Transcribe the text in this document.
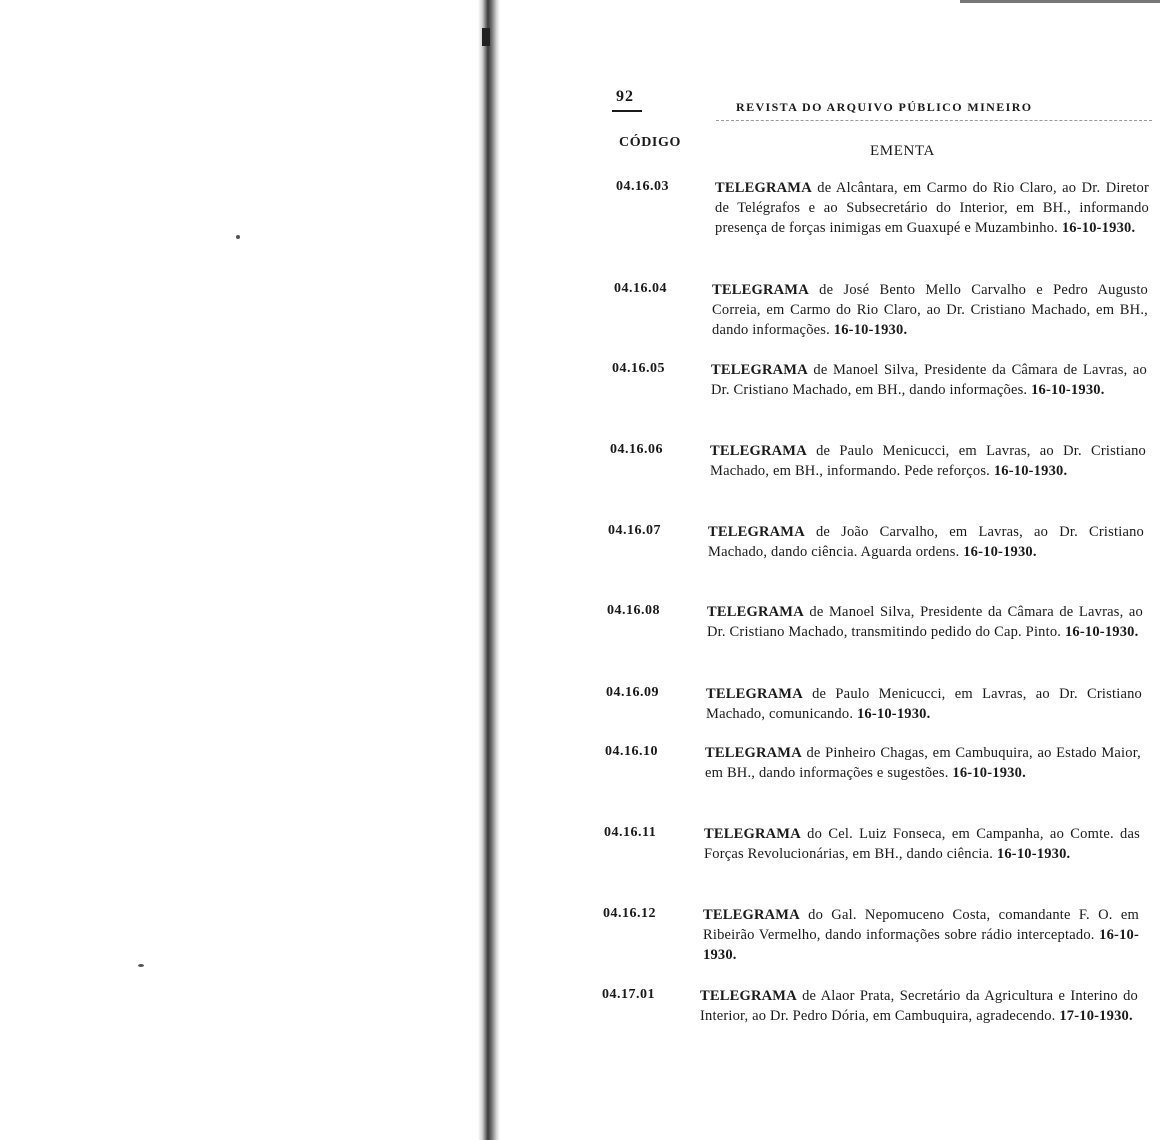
92
REVISTA DO ARQUIVO PÚBLICO MINEIRO
CÓDIGO
EMENTA
04.16.03	TELEGRAMA de Alcântara, em Carmo do Rio Claro, ao Dr. Diretor de Telégrafos e ao Subsecretário do Interior, em BH., informando presença de forças inimigas em Guaxupé e Muzambinho. 16-10-1930.
04.16.04	TELEGRAMA de José Bento Mello Carvalho e Pedro Augusto Correia, em Carmo do Rio Claro, ao Dr. Cristiano Machado, em BH., dando informações. 16-10-1930.
04.16.05	TELEGRAMA de Manoel Silva, Presidente da Câmara de Lavras, ao Dr. Cristiano Machado, em BH., dando informações. 16-10-1930.
04.16.06	TELEGRAMA de Paulo Menicucci, em Lavras, ao Dr. Cristiano Machado, em BH., informando. Pede reforços. 16-10-1930.
04.16.07	TELEGRAMA de João Carvalho, em Lavras, ao Dr. Cristiano Machado, dando ciência. Aguarda ordens. 16-10-1930.
04.16.08	TELEGRAMA de Manoel Silva, Presidente da Câmara de Lavras, ao Dr. Cristiano Machado, transmitindo pedido do Cap. Pinto. 16-10-1930.
04.16.09	TELEGRAMA de Paulo Menicucci, em Lavras, ao Dr. Cristiano Machado, comunicando. 16-10-1930.
04.16.10	TELEGRAMA de Pinheiro Chagas, em Cambuquira, ao Estado Maior, em BH., dando informações e sugestões. 16-10-1930.
04.16.11	TELEGRAMA do Cel. Luiz Fonseca, em Campanha, ao Comte. das Forças Revolucionárias, em BH., dando ciência. 16-10-1930.
04.16.12	TELEGRAMA do Gal. Nepomuceno Costa, comandante F. O. em Ribeirão Vermelho, dando informações sobre rádio interceptado. 16-10-1930.
04.17.01	TELEGRAMA de Alaor Prata, Secretário da Agricultura e Interino do Interior, ao Dr. Pedro Dória, em Cambuquira, agradecendo. 17-10-1930.
